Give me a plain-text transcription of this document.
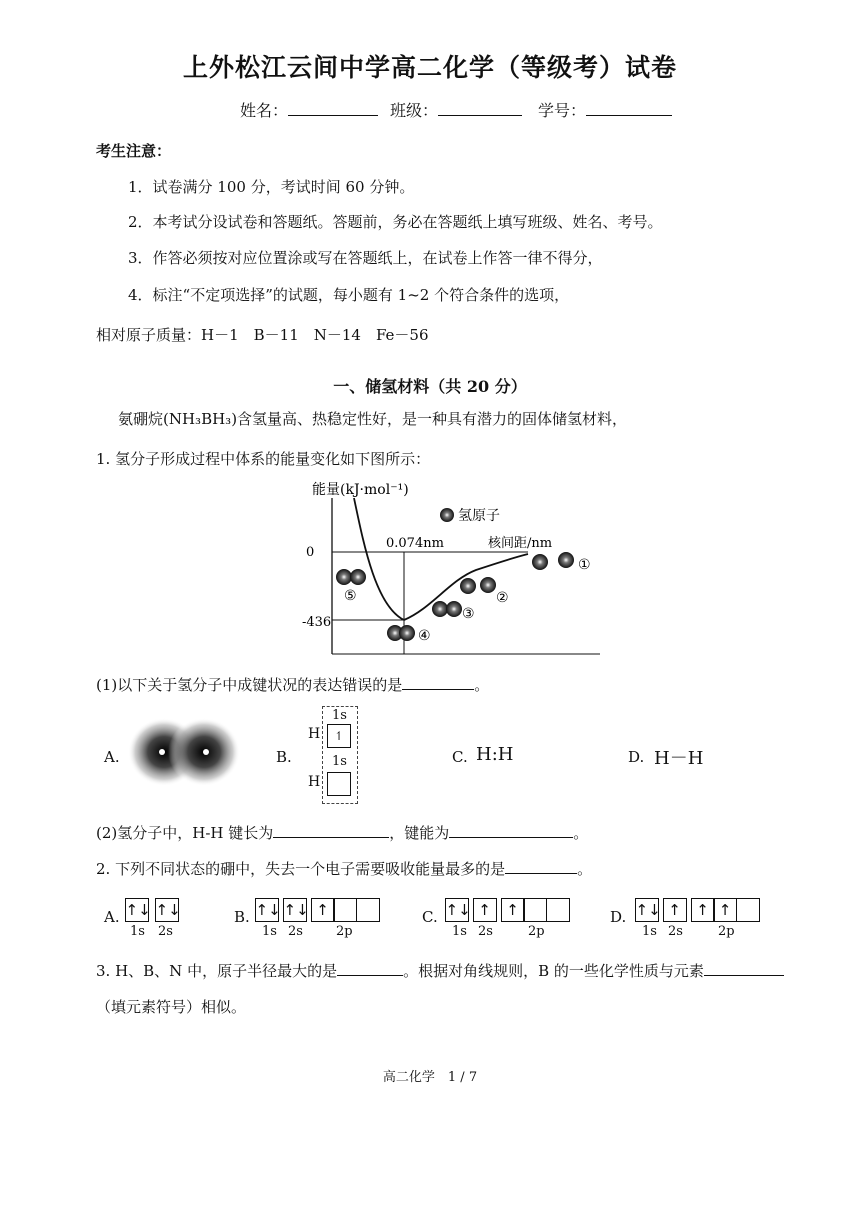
上外松江云间中学高二化学（等级考）试卷
姓名：	班级：	学号：
考生注意：
1．试卷满分 100 分，考试时间 60 分钟。
2．本考试分设试卷和答题纸。答题前，务必在答题纸上填写班级、姓名、考号。
3．作答必须按对应位置涂或写在答题纸上，在试卷上作答一律不得分，
4．标注“不定项选择”的试题，每小题有 1~2 个符合条件的选项，
相对原子质量：H－1　B－11　N－14　Fe－56
一、储氢材料（共 20 分）
氨硼烷(NH₃BH₃)含氢量高、热稳定性好，是一种具有潜力的固体储氢材料，
1. 氢分子形成过程中体系的能量变化如下图所示：
能量(kJ·mol⁻¹)
0
-436
0.074nm	核间距/nm
氢原子
①
②
③
④
⑤
(1)以下关于氢分子中成键状况的表达错误的是	。
A.	B.
1s
H	↿
1s
H
C. H:H	D. H－H
(2)氢分子中，H-H 键长为	，键能为	。
2. 下列不同状态的硼中，失去一个电子需要吸收能量最多的是	。
A. ↑↓ ↑↓
1s 2s
B. ↑↓ ↑↓ ↑
1s 2s	2p
C. ↑↓ ↑	↑
1s 2s	2p
D. ↑↓ ↑	↑ ↑
1s 2s	2p
3. H、B、N 中，原子半径最大的是	。根据对角线规则，B 的一些化学性质与元素
（填元素符号）相似。
高二化学　1 / 7
